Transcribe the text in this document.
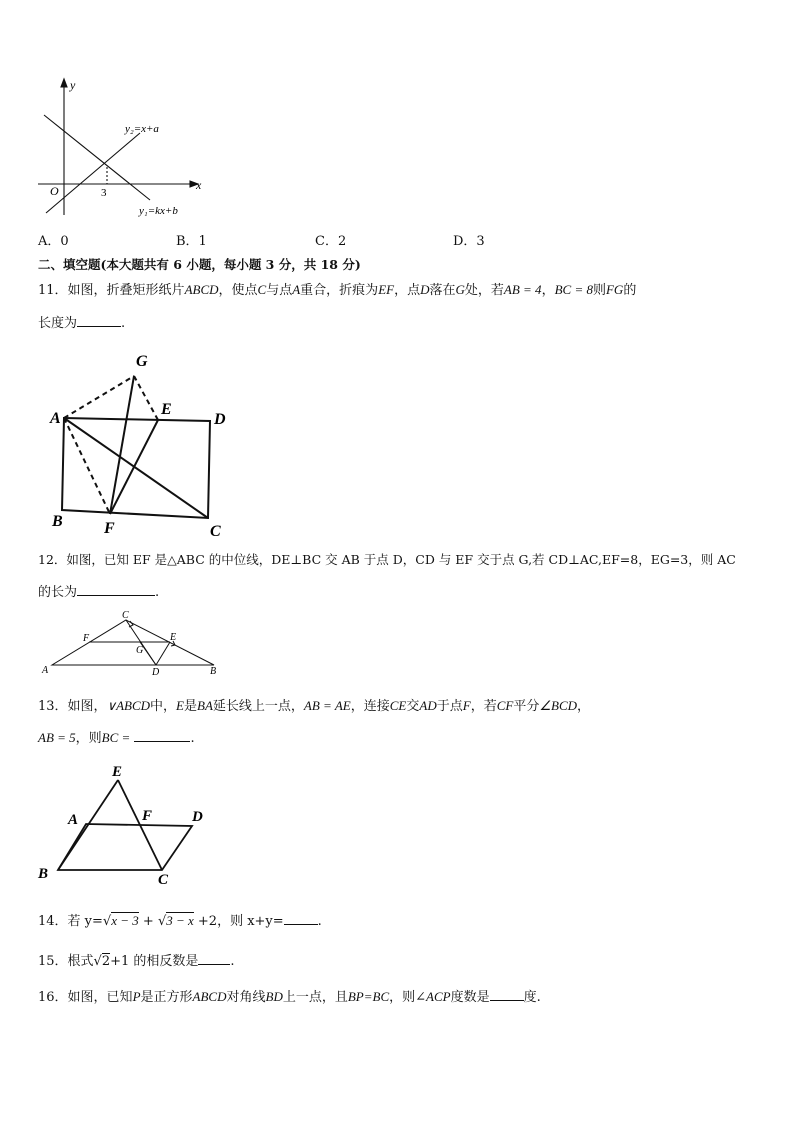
y
x
O	3
y₂=x+a
y₁=kx+b
A．0	B．1	C．2	D．3
二、填空题(本大题共有 6 小题，每小题 3 分，共 18 分)
11．如图，折叠矩形纸片ABCD，使点C与点A重合，折痕为EF，点D落在G处，若AB = 4，BC = 8则FG的
长度为	.
A
B
C
D
E
F
G
12．如图，已知 EF 是△ABC 的中位线，DE⊥BC 交 AB 于点 D，CD 与 EF 交于点 G,若 CD⊥AC,EF=8，EG=3，则 AC
的长为	.
A	B
C
D
E
F
G
13．如图，∨ABCD中，E是BA延长线上一点，AB = AE，连接CE交AD于点F，若CF平分∠BCD，
AB = 5，则BC =	.
E
A	F	D
B	C
14．若 y=√x − 3 + √3 − x +2，则 x+y=	.
15．根式√2+1 的相反数是 .
16．如图，已知P是正方形ABCD对角线BD上一点，且BP=BC，则∠ACP度数是	度.
